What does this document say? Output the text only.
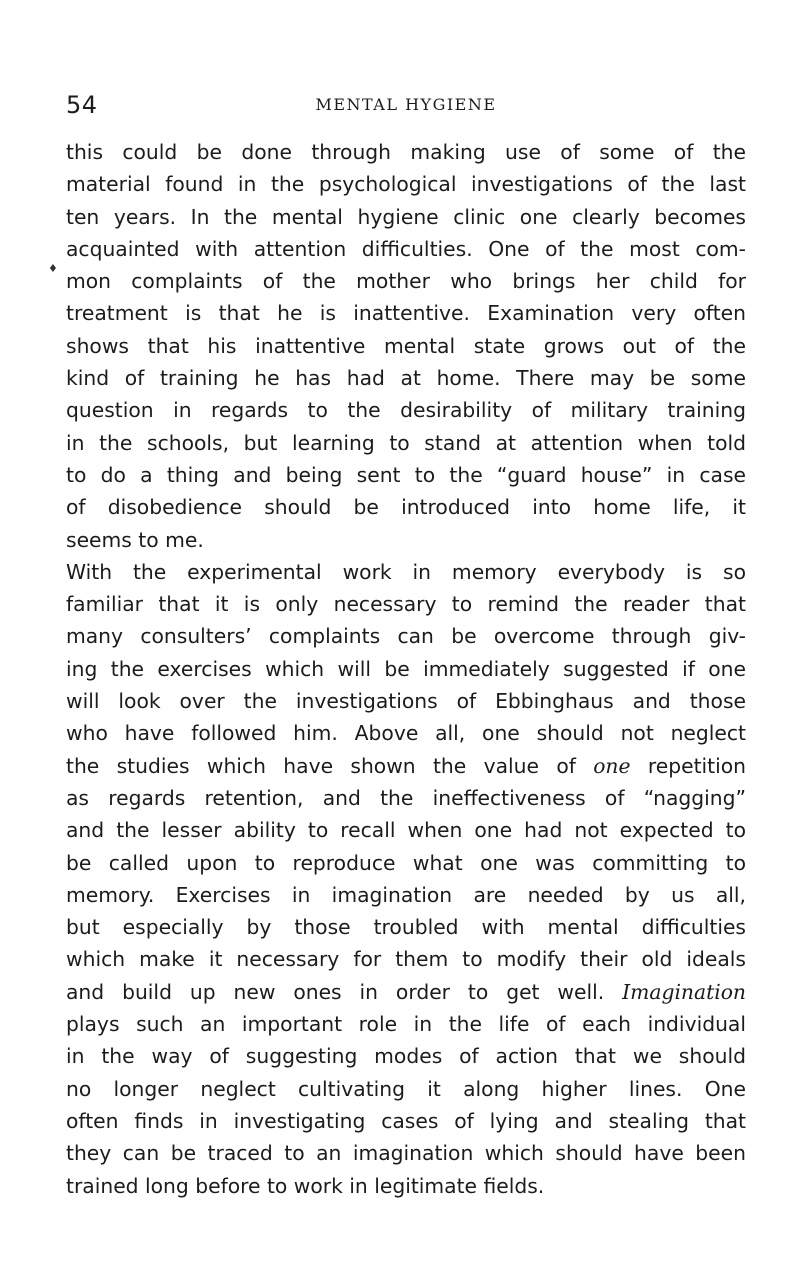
54	MENTAL HYGIENE
♦
this could be done through making use of some of the
material found in the psychological investigations of the last
ten years. In the mental hygiene clinic one clearly becomes
acquainted with attention difficulties. One of the most com-
mon complaints of the mother who brings her child for
treatment is that he is inattentive. Examination very often
shows that his inattentive mental state grows out of the
kind of training he has had at home. There may be some
question in regards to the desirability of military training
in the schools, but learning to stand at attention when told
to do a thing and being sent to the “guard house” in case
of disobedience should be introduced into home life, it
seems to me.
With the experimental work in memory everybody is so
familiar that it is only necessary to remind the reader that
many consulters’ complaints can be overcome through giv-
ing the exercises which will be immediately suggested if one
will look over the investigations of Ebbinghaus and those
who have followed him. Above all, one should not neglect
the studies which have shown the value of one repetition
as regards retention, and the ineffectiveness of “nagging”
and the lesser ability to recall when one had not expected to
be called upon to reproduce what one was committing to
memory. Exercises in imagination are needed by us all,
but especially by those troubled with mental difficulties
which make it necessary for them to modify their old ideals
and build up new ones in order to get well. Imagination
plays such an important role in the life of each individual
in the way of suggesting modes of action that we should
no longer neglect cultivating it along higher lines. One
often finds in investigating cases of lying and stealing that
they can be traced to an imagination which should have been
trained long before to work in legitimate fields.
